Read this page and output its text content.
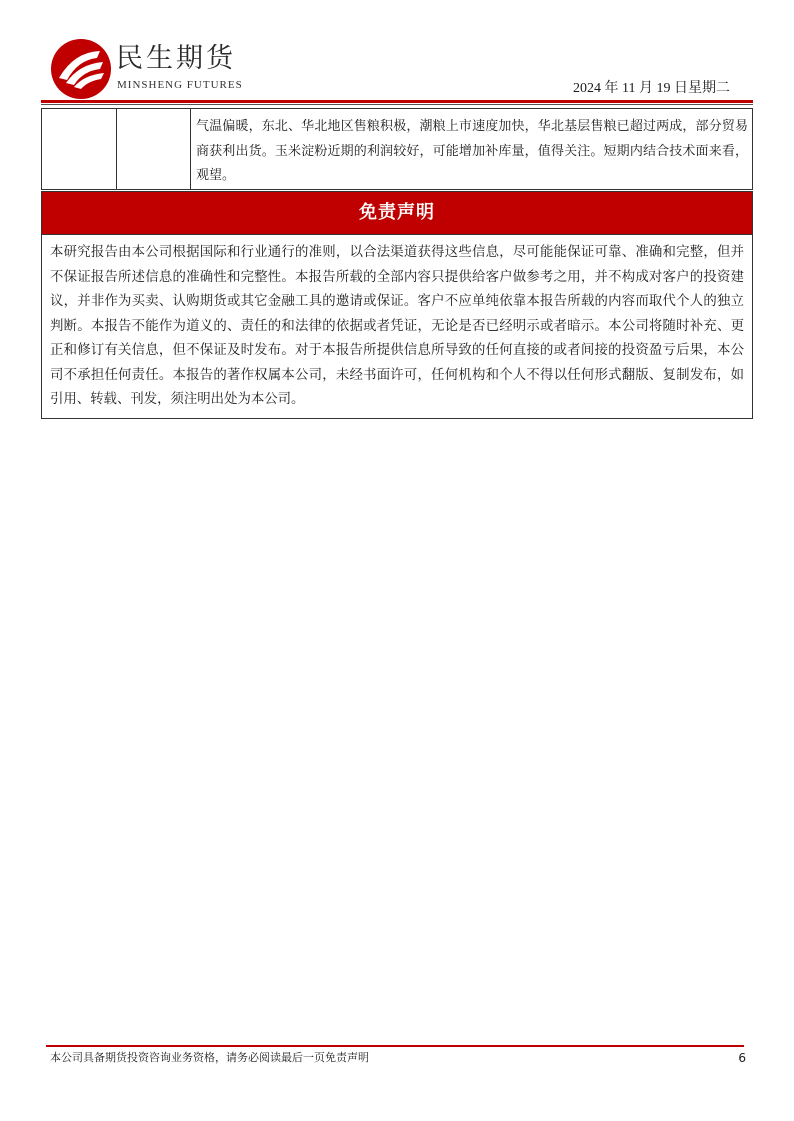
民生期货
MINSHENG FUTURES	2024 年 11 月 19 日星期二
气温偏暖，东北、华北地区售粮积极，潮粮上市速度加快，华北基层售粮已超过两成，部分贸易商获利出货。玉米淀粉近期的利润较好，可能增加补库量，值得关注。短期内结合技术面来看，观望。
免责声明
本研究报告由本公司根据国际和行业通行的准则，以合法渠道获得这些信息，尽可能能保证可靠、准确和完整，但并不保证报告所述信息的准确性和完整性。本报告所载的全部内容只提供给客户做参考之用，并不构成对客户的投资建议，并非作为买卖、认购期货或其它金融工具的邀请或保证。客户不应单纯依靠本报告所载的内容而取代个人的独立判断。本报告不能作为道义的、责任的和法律的依据或者凭证，无论是否已经明示或者暗示。本公司将随时补充、更正和修订有关信息，但不保证及时发布。对于本报告所提供信息所导致的任何直接的或者间接的投资盈亏后果，本公司不承担任何责任。本报告的著作权属本公司，未经书面许可，任何机构和个人不得以任何形式翻版、复制发布，如引用、转载、刊发，须注明出处为本公司。
本公司具备期货投资咨询业务资格，请务必阅读最后一页免责声明	6
